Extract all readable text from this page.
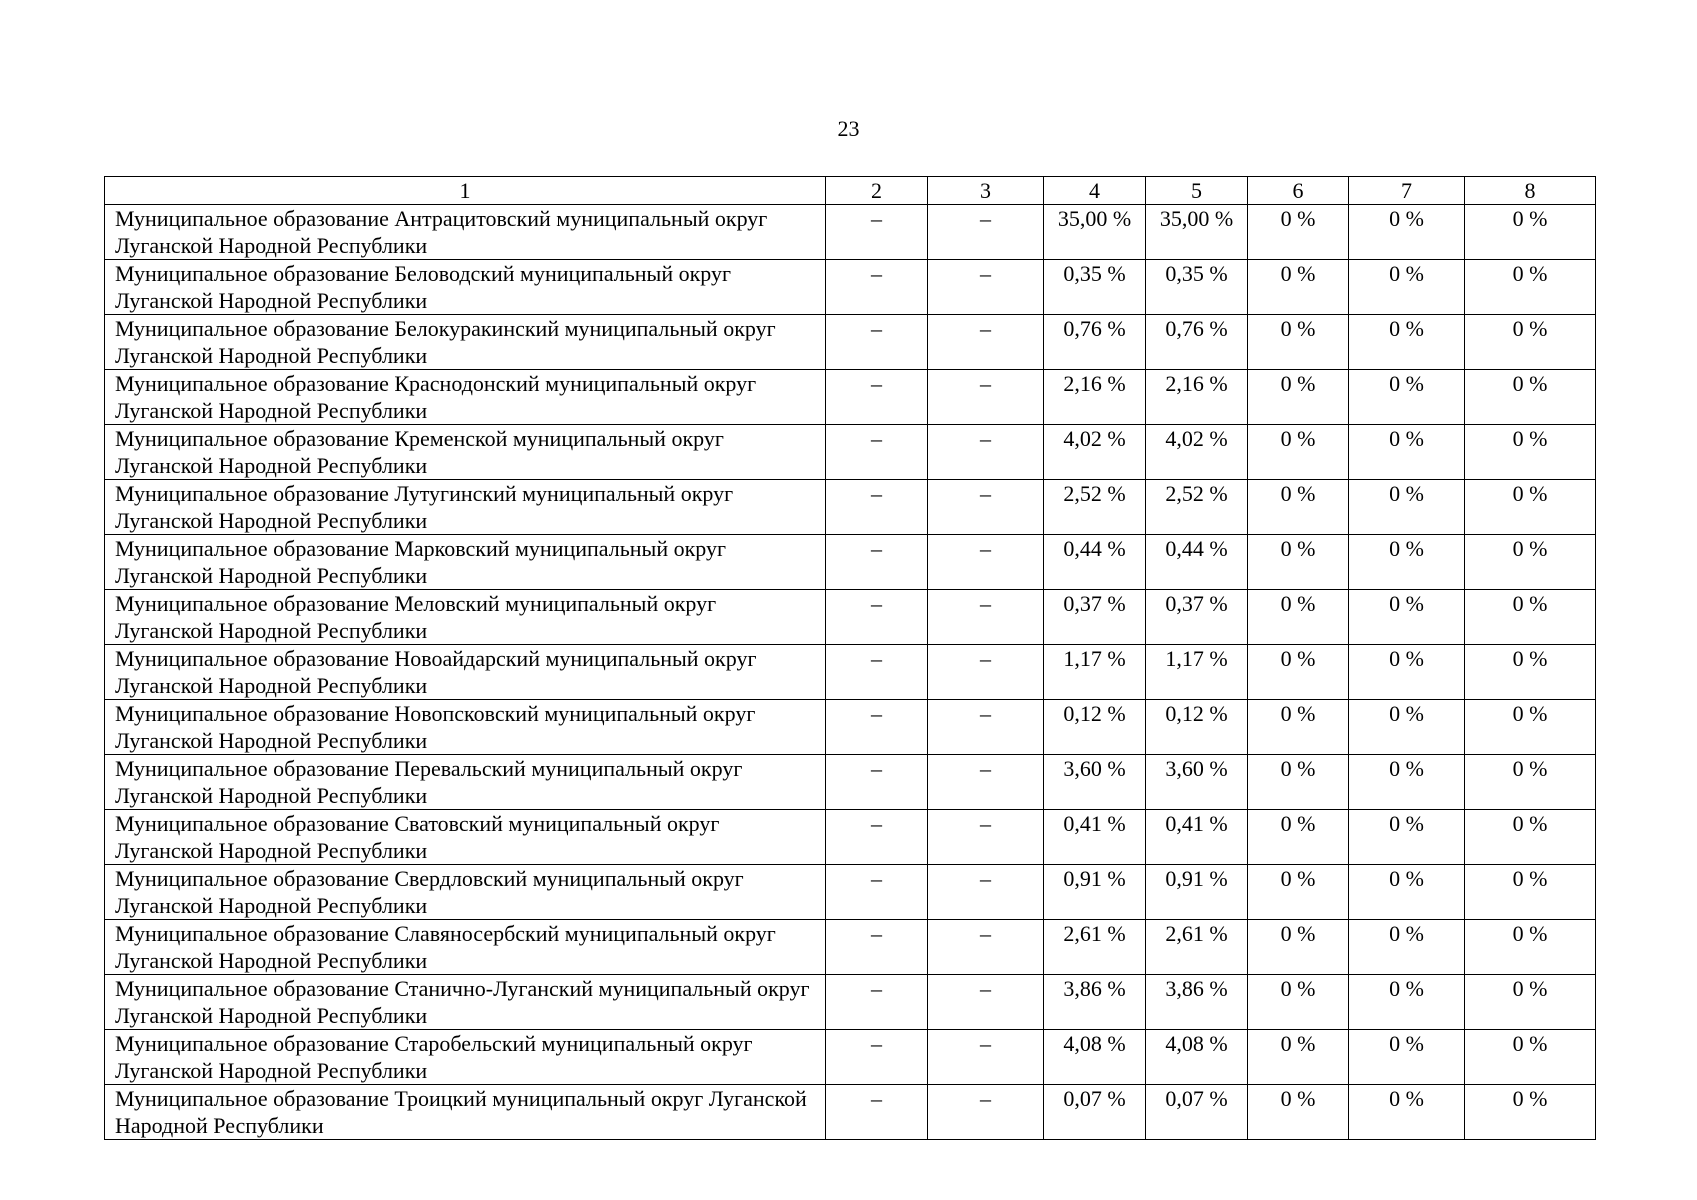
23
1	2	3	4	5	6	7	8
Муниципальное образование Антрацитовский муниципальный округ Луганской Народной Республики	–	–	35,00 %	35,00 %	0 %	0 %	0 %
Муниципальное образование Беловодский муниципальный округ Луганской Народной Республики	–	–	0,35 %	0,35 %	0 %	0 %	0 %
Муниципальное образование Белокуракинский муниципальный округ Луганской Народной Республики	–	–	0,76 %	0,76 %	0 %	0 %	0 %
Муниципальное образование Краснодонский муниципальный округ Луганской Народной Республики	–	–	2,16 %	2,16 %	0 %	0 %	0 %
Муниципальное образование Кременской муниципальный округ Луганской Народной Республики	–	–	4,02 %	4,02 %	0 %	0 %	0 %
Муниципальное образование Лутугинский муниципальный округ Луганской Народной Республики	–	–	2,52 %	2,52 %	0 %	0 %	0 %
Муниципальное образование Марковский муниципальный округ Луганской Народной Республики	–	–	0,44 %	0,44 %	0 %	0 %	0 %
Муниципальное образование Меловский муниципальный округ Луганской Народной Республики	–	–	0,37 %	0,37 %	0 %	0 %	0 %
Муниципальное образование Новоайдарский муниципальный округ Луганской Народной Республики	–	–	1,17 %	1,17 %	0 %	0 %	0 %
Муниципальное образование Новопсковский муниципальный округ Луганской Народной Республики	–	–	0,12 %	0,12 %	0 %	0 %	0 %
Муниципальное образование Перевальский муниципальный округ Луганской Народной Республики	–	–	3,60 %	3,60 %	0 %	0 %	0 %
Муниципальное образование Сватовский муниципальный округ Луганской Народной Республики	–	–	0,41 %	0,41 %	0 %	0 %	0 %
Муниципальное образование Свердловский муниципальный округ Луганской Народной Республики	–	–	0,91 %	0,91 %	0 %	0 %	0 %
Муниципальное образование Славяносербский муниципальный округ Луганской Народной Республики	–	–	2,61 %	2,61 %	0 %	0 %	0 %
Муниципальное образование Станично-Луганский муниципальный округ Луганской Народной Республики	–	–	3,86 %	3,86 %	0 %	0 %	0 %
Муниципальное образование Старобельский муниципальный округ Луганской Народной Республики	–	–	4,08 %	4,08 %	0 %	0 %	0 %
Муниципальное образование Троицкий муниципальный округ Луганской Народной Республики	–	–	0,07 %	0,07 %	0 %	0 %	0 %
